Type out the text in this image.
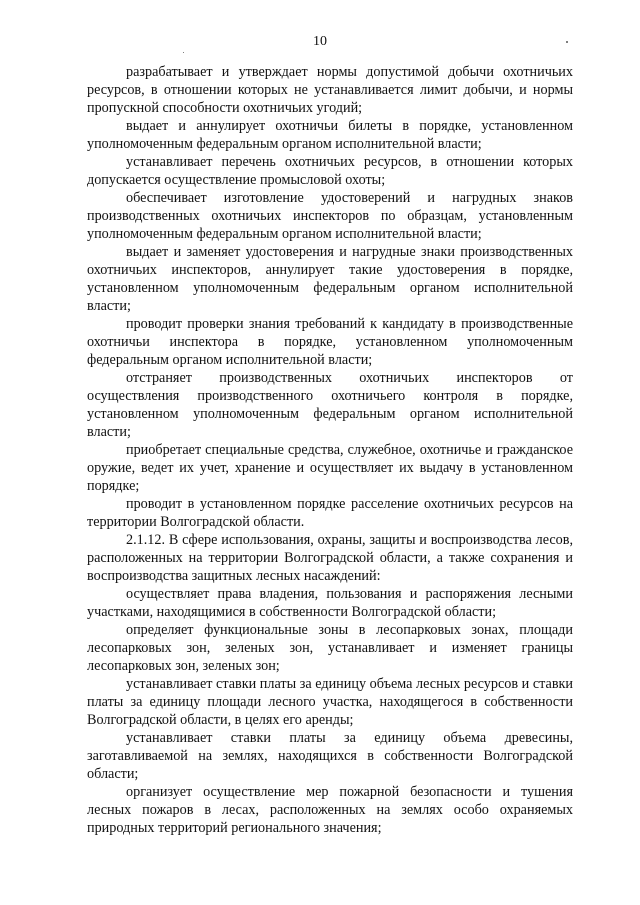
10

разрабатывает и утверждает нормы допустимой добычи охотничьих ресурсов, в отношении которых не устанавливается лимит добычи, и нормы пропускной способности охотничьих угодий;

выдает и аннулирует охотничьи билеты в порядке, установленном уполномоченным федеральным органом исполнительной власти;

устанавливает перечень охотничьих ресурсов, в отношении которых допускается осуществление промысловой охоты;

обеспечивает изготовление удостоверений и нагрудных знаков производственных охотничьих инспекторов по образцам, установленным уполномоченным федеральным органом исполнительной власти;

выдает и заменяет удостоверения и нагрудные знаки производственных охотничьих инспекторов, аннулирует такие удостоверения в порядке, установленном уполномоченным федеральным органом исполнительной власти;

проводит проверки знания требований к кандидату в производственные охотничьи инспектора в порядке, установленном уполномоченным федеральным органом исполнительной власти;

отстраняет производственных охотничьих инспекторов от осуществления производственного охотничьего контроля в порядке, установленном уполномоченным федеральным органом исполнительной власти;

приобретает специальные средства, служебное, охотничье и гражданское оружие, ведет их учет, хранение и осуществляет их выдачу в установленном порядке;

проводит в установленном порядке расселение охотничьих ресурсов на территории Волгоградской области.

2.1.12. В сфере использования, охраны, защиты и воспроизводства лесов, расположенных на территории Волгоградской области, а также сохранения и воспроизводства защитных лесных насаждений:

осуществляет права владения, пользования и распоряжения лесными участками, находящимися в собственности Волгоградской области;

определяет функциональные зоны в лесопарковых зонах, площади лесопарковых зон, зеленых зон, устанавливает и изменяет границы лесопарковых зон, зеленых зон;

устанавливает ставки платы за единицу объема лесных ресурсов и ставки платы за единицу площади лесного участка, находящегося в собственности Волгоградской области, в целях его аренды;

устанавливает ставки платы за единицу объема древесины, заготавливаемой на землях, находящихся в собственности Волгоградской области;

организует осуществление мер пожарной безопасности и тушения лесных пожаров в лесах, расположенных на землях особо охраняемых природных территорий регионального значения;
